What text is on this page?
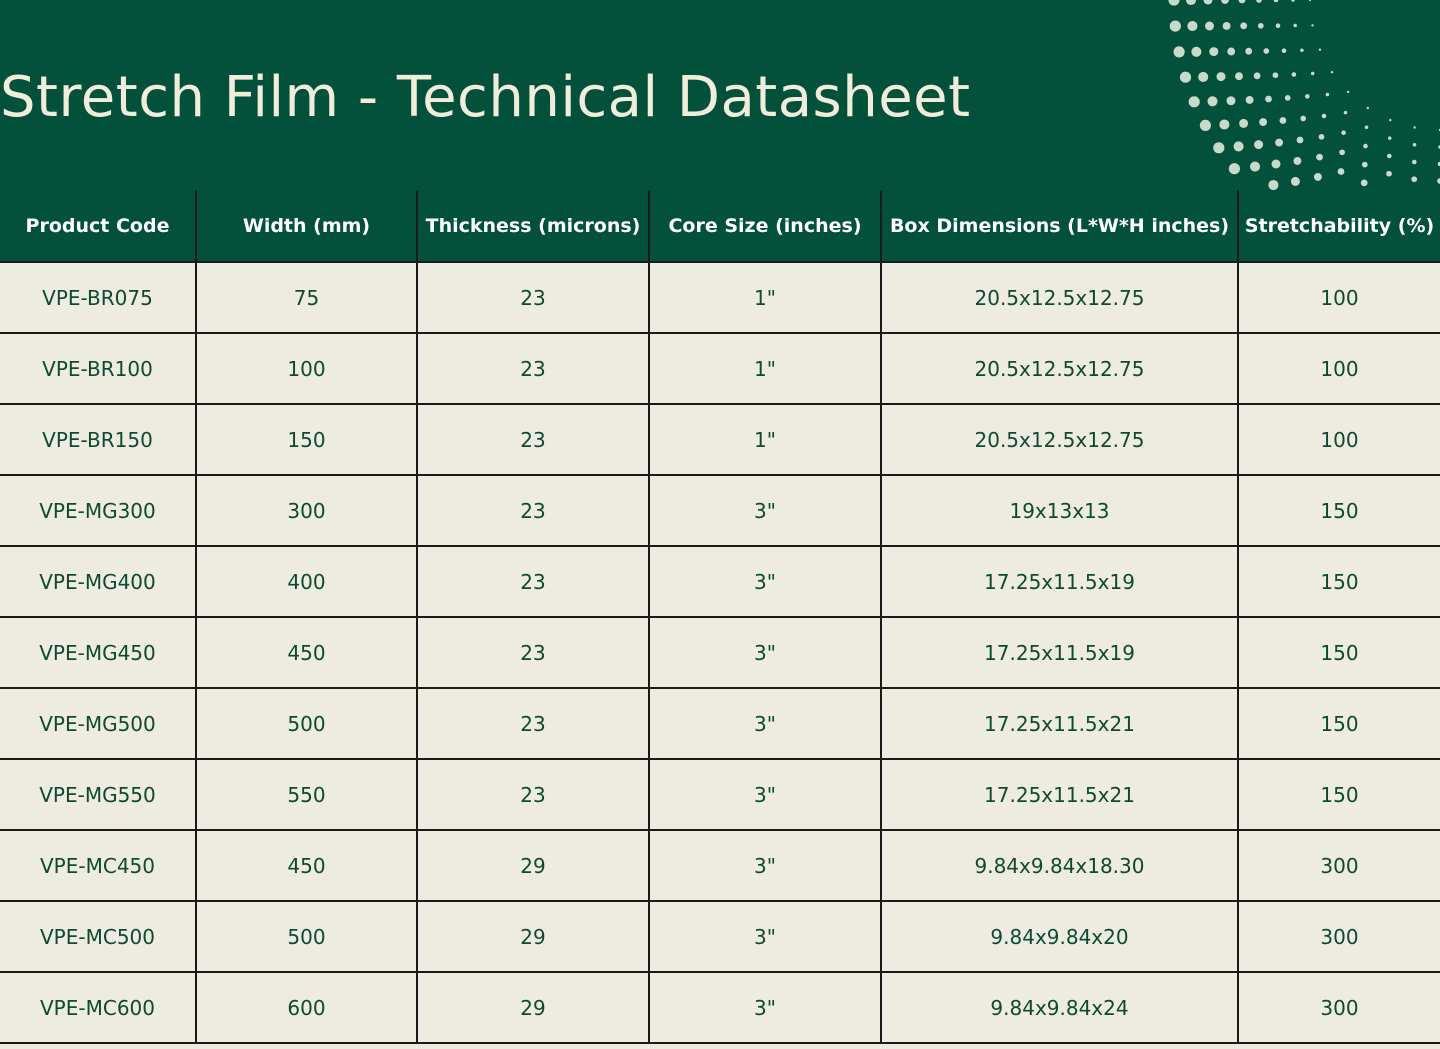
Stretch Film - Technical Datasheet
Product Code	Width (mm)	Thickness (microns)	Core Size (inches)	Box Dimensions (L*W*H inches)	Stretchability (%)
VPE-BR075	75	23	1"	20.5x12.5x12.75	100
VPE-BR100	100	23	1"	20.5x12.5x12.75	100
VPE-BR150	150	23	1"	20.5x12.5x12.75	100
VPE-MG300	300	23	3"	19x13x13	150
VPE-MG400	400	23	3"	17.25x11.5x19	150
VPE-MG450	450	23	3"	17.25x11.5x19	150
VPE-MG500	500	23	3"	17.25x11.5x21	150
VPE-MG550	550	23	3"	17.25x11.5x21	150
VPE-MC450	450	29	3"	9.84x9.84x18.30	300
VPE-MC500	500	29	3"	9.84x9.84x20	300
VPE-MC600	600	29	3"	9.84x9.84x24	300
